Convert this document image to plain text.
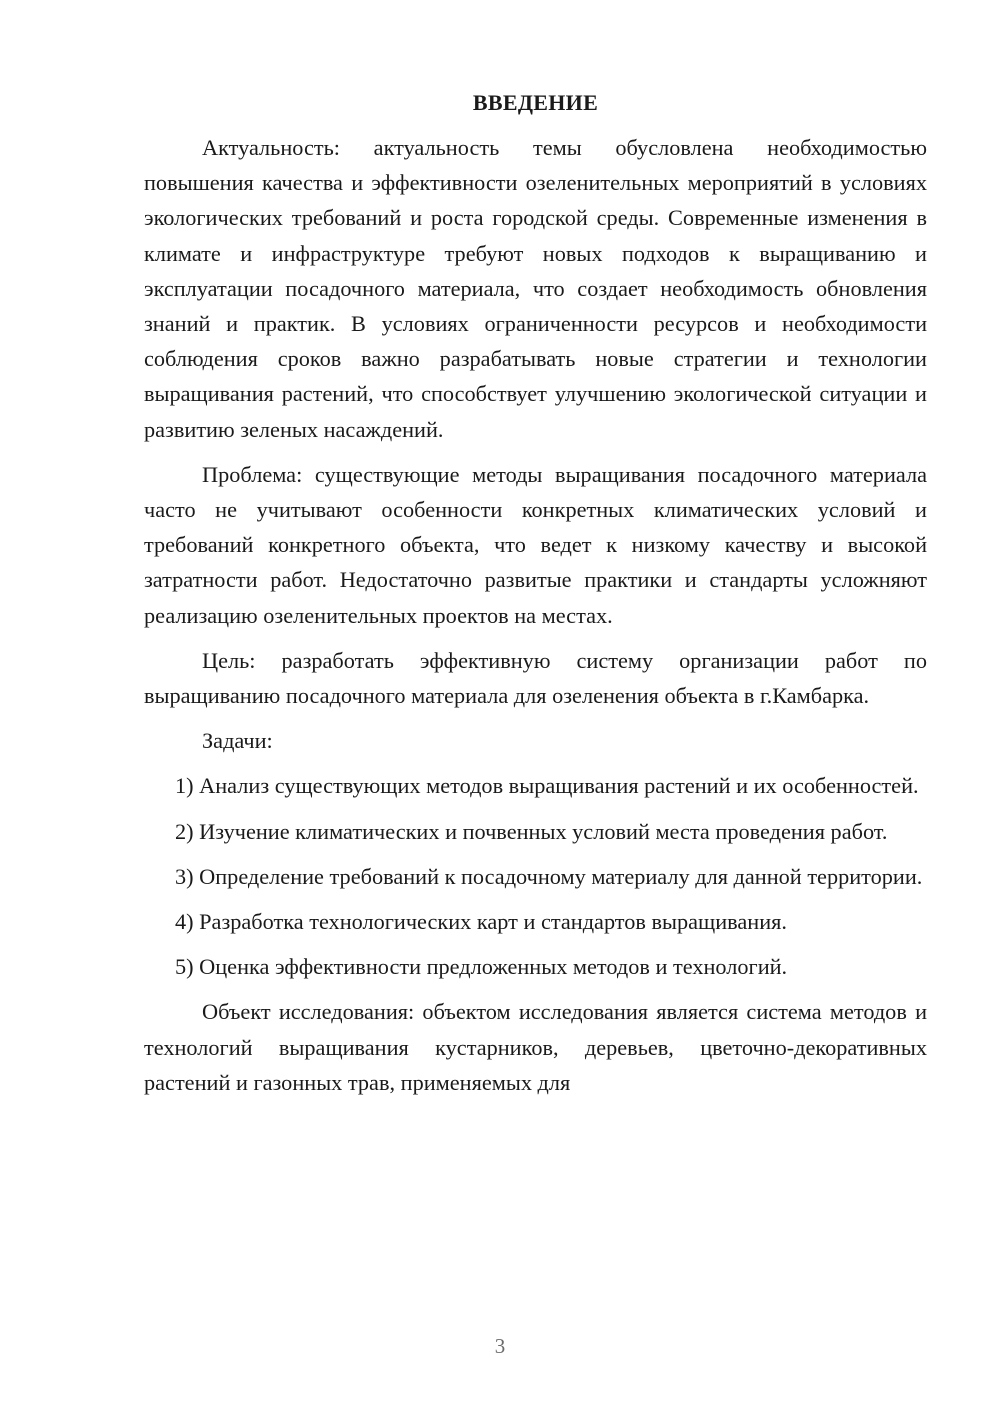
ВВЕДЕНИЕ

Актуальность: актуальность темы обусловлена необходимостью повышения качества и эффективности озеленительных мероприятий в условиях экологических требований и роста городской среды. Современные изменения в климате и инфраструктуре требуют новых подходов к выращиванию и эксплуатации посадочного материала, что создает необходимость обновления знаний и практик. В условиях ограниченности ресурсов и необходимости соблюдения сроков важно разрабатывать новые стратегии и технологии выращивания растений, что способствует улучшению экологической ситуации и развитию зеленых насаждений.

Проблема: существующие методы выращивания посадочного материала часто не учитывают особенности конкретных климатических условий и требований конкретного объекта, что ведет к низкому качеству и высокой затратности работ. Недостаточно развитые практики и стандарты усложняют реализацию озеленительных проектов на местах.

Цель: разработать эффективную систему организации работ по выращиванию посадочного материала для озеленения объекта в г.Камбарка.

Задачи:

1) Анализ существующих методов выращивания растений и их особенностей.

2) Изучение климатических и почвенных условий места проведения работ.

3) Определение требований к посадочному материалу для данной территории.

4) Разработка технологических карт и стандартов выращивания.

5) Оценка эффективности предложенных методов и технологий.

Объект исследования: объектом исследования является система методов и технологий выращивания кустарников, деревьев, цветочно-декоративных растений и газонных трав, применяемых для

3
